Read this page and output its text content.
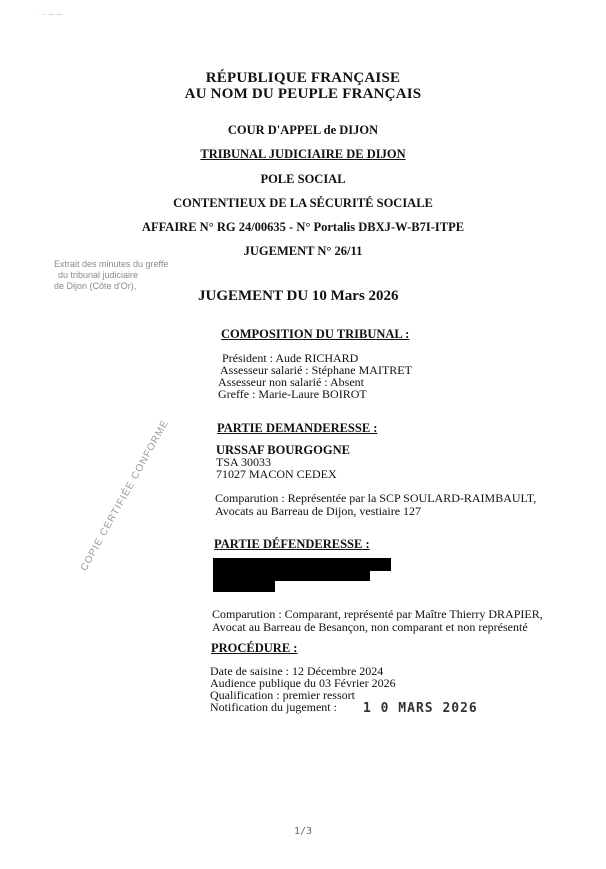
˙ ·· ─ ─
RÉPUBLIQUE FRANÇAISE
AU NOM DU PEUPLE FRANÇAIS
COUR D'APPEL de DIJON
TRIBUNAL JUDICIAIRE DE DIJON
POLE SOCIAL
CONTENTIEUX DE LA SÉCURITÉ SOCIALE
AFFAIRE N° RG 24/00635 - N° Portalis DBXJ-W-B7I-ITPE
JUGEMENT N° 26/11
Extrait des minutes du greffe
du tribunal judiciaire
de Dijon (Côte d'Or),
JUGEMENT DU 10 Mars 2026
COMPOSITION DU TRIBUNAL :
Président : Aude RICHARD
Assesseur salarié : Stéphane MAITRET
Assesseur non salarié : Absent
Greffe : Marie-Laure BOIROT
COPIE CERTIFIÉE CONFORME	PARTIE DEMANDERESSE :
URSSAF BOURGOGNE
TSA 30033
71027 MACON CEDEX
Comparution : Représentée par la SCP SOULARD-RAIMBAULT,
Avocats au Barreau de Dijon, vestiaire 127
PARTIE DÉFENDERESSE :
Comparution : Comparant, représenté par Maître Thierry DRAPIER,
Avocat au Barreau de Besançon, non comparant et non représenté
PROCÉDURE :
Date de saisine : 12 Décembre 2024
Audience publique du 03 Février 2026
Qualification : premier ressort
Notification du jugement : 1 0 MARS 2026
1/3
